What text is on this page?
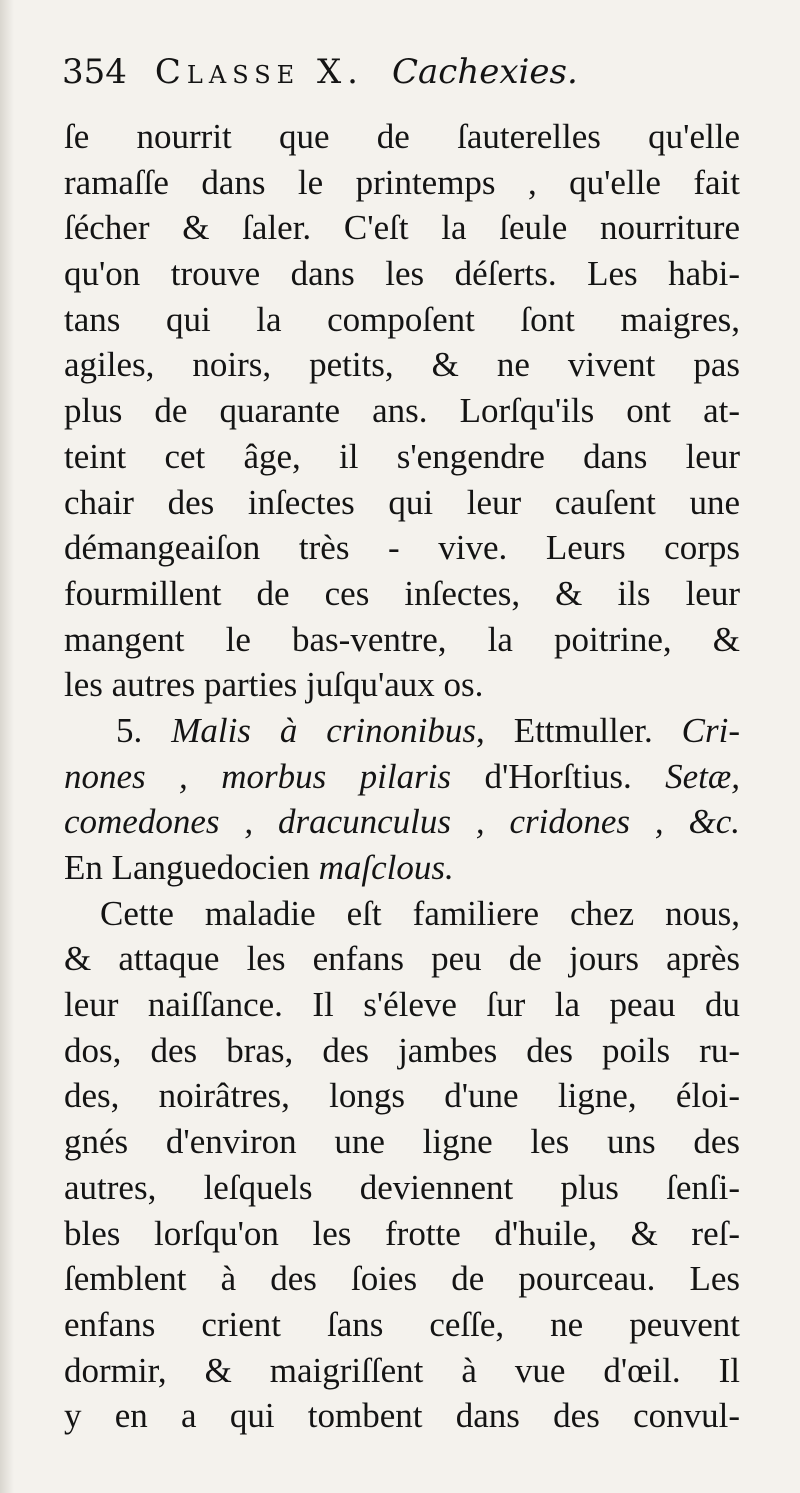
354 Classe X. Cachexies.
ſe nourrit que de ſauterelles qu'elle
ramaſſe dans le printemps , qu'elle fait
ſécher & ſaler. C'eſt la ſeule nourriture
qu'on trouve dans les déſerts. Les habi-
tans qui la compoſent ſont maigres,
agiles, noirs, petits, & ne vivent pas
plus de quarante ans. Lorſqu'ils ont at-
teint cet âge, il s'engendre dans leur
chair des inſectes qui leur cauſent une
démangeaiſon très - vive. Leurs corps
fourmillent de ces inſectes, & ils leur
mangent le bas-ventre, la poitrine, &
les autres parties juſqu'aux os.
5. Malis à crinonibus, Ettmuller. Cri-
nones , morbus pilaris d'Horſtius. Setæ,
comedones , dracunculus , cridones , &c.
En Languedocien maſclous.
Cette maladie eſt familiere chez nous,
& attaque les enfans peu de jours après
leur naiſſance. Il s'éleve ſur la peau du
dos, des bras, des jambes des poils ru-
des, noirâtres, longs d'une ligne, éloi-
gnés d'environ une ligne les uns des
autres, leſquels deviennent plus ſenſi-
bles lorſqu'on les frotte d'huile, & reſ-
ſemblent à des ſoies de pourceau. Les
enfans crient ſans ceſſe, ne peuvent
dormir, & maigriſſent à vue d'œil. Il
y en a qui tombent dans des convul-
